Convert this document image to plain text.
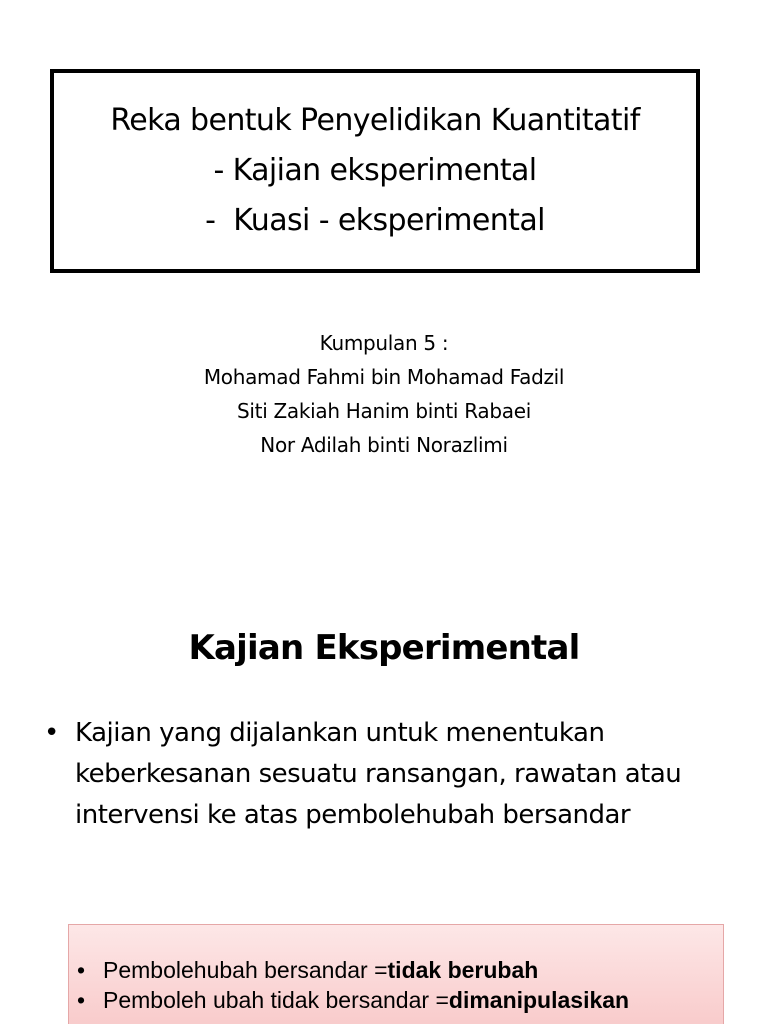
Reka bentuk Penyelidikan Kuantitatif
- Kajian eksperimental
-  Kuasi - eksperimental
Kumpulan 5 :
Mohamad Fahmi bin Mohamad Fadzil
Siti Zakiah Hanim binti Rabaei
Nor Adilah binti Norazlimi
Kajian Eksperimental
• Kajian yang dijalankan untuk menentukan keberkesanan sesuatu ransangan, rawatan atau intervensi ke atas pembolehubah bersandar
• Pembolehubah bersandar = tidak berubah
• Pemboleh ubah tidak bersandar = dimanipulasikan
